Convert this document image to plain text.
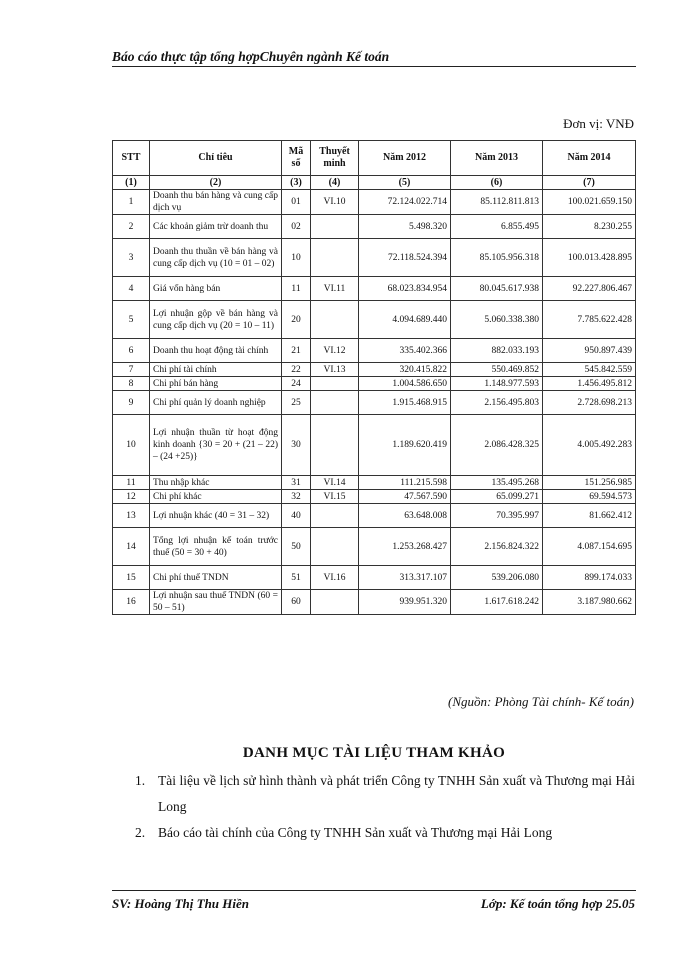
Báo cáo thực tập tổng hợpChuyên ngành Kế toán
Đơn vị: VNĐ
STT	Chỉ tiêu	Mã số	Thuyết minh	Năm 2012	Năm 2013	Năm 2014
(1)	(2)	(3)	(4)	(5)	(6)	(7)
1	Doanh thu bán hàng và cung cấp dịch vụ	01	VI.10	72.124.022.714	85.112.811.813	100.021.659.150
2	Các khoản giảm trừ doanh thu	02		5.498.320	6.855.495	8.230.255
3	Doanh thu thuần về bán hàng và cung cấp dịch vụ (10 = 01 – 02)	10		72.118.524.394	85.105.956.318	100.013.428.895
4	Giá vốn hàng bán	11	VI.11	68.023.834.954	80.045.617.938	92.227.806.467
5	Lợi nhuận gộp về bán hàng và cung cấp dịch vụ (20 = 10 – 11)	20		4.094.689.440	5.060.338.380	7.785.622.428
6	Doanh thu hoạt động tài chính	21	VI.12	335.402.366	882.033.193	950.897.439
7	Chi phí tài chính	22	VI.13	320.415.822	550.469.852	545.842.559
8	Chi phí bán hàng	24		1.004.586.650	1.148.977.593	1.456.495.812
9	Chi phí quản lý doanh nghiệp	25		1.915.468.915	2.156.495.803	2.728.698.213
10	Lợi nhuận thuần từ hoạt động kinh doanh {30 = 20 + (21 – 22) – (24 +25)}	30		1.189.620.419	2.086.428.325	4.005.492.283
11	Thu nhập khác	31	VI.14	111.215.598	135.495.268	151.256.985
12	Chi phí khác	32	VI.15	47.567.590	65.099.271	69.594.573
13	Lợi nhuận khác (40 = 31 – 32)	40		63.648.008	70.395.997	81.662.412
14	Tổng lợi nhuận kế toán trước thuế (50 = 30 + 40)	50		1.253.268.427	2.156.824.322	4.087.154.695
15	Chi phí thuế TNDN	51	VI.16	313.317.107	539.206.080	899.174.033
16	Lợi nhuận sau thuế TNDN (60 = 50 – 51)	60		939.951.320	1.617.618.242	3.187.980.662
(Nguồn: Phòng Tài chính- Kế toán)
DANH MỤC TÀI LIỆU THAM KHẢO
1. Tài liệu về lịch sử hình thành và phát triển Công ty TNHH Sản xuất và Thương mại Hải Long
2. Báo cáo tài chính của Công ty TNHH Sản xuất và Thương mại Hải Long
SV: Hoàng Thị Thu Hiền	Lớp: Kế toán tổng hợp 25.05
